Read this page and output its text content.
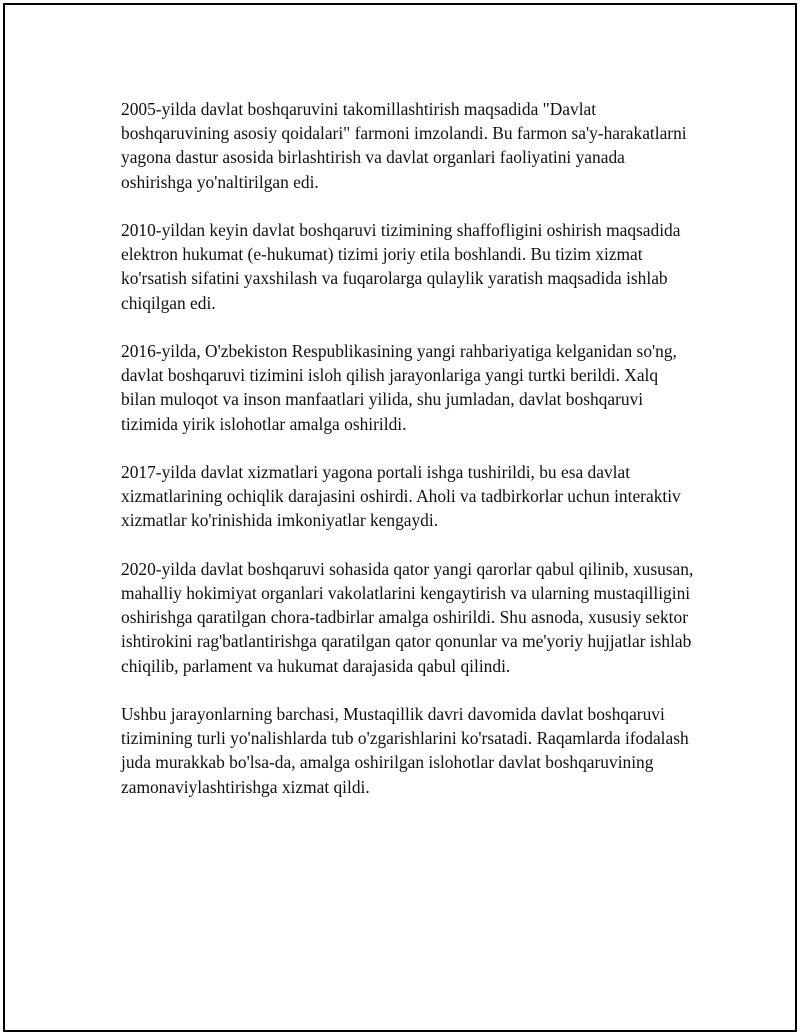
2005-yilda davlat boshqaruvini takomillashtirish maqsadida "Davlat boshqaruvining asosiy qoidalari" farmoni imzolandi. Bu farmon sa'y-harakatlarni yagona dastur asosida birlashtirish va davlat organlari faoliyatini yanada oshirishga yo'naltirilgan edi.

2010-yildan keyin davlat boshqaruvi tizimining shaffofligini oshirish maqsadida elektron hukumat (e-hukumat) tizimi joriy etila boshlandi. Bu tizim xizmat ko'rsatish sifatini yaxshilash va fuqarolarga qulaylik yaratish maqsadida ishlab chiqilgan edi.

2016-yilda, O'zbekiston Respublikasining yangi rahbariyatiga kelganidan so'ng, davlat boshqaruvi tizimini isloh qilish jarayonlariga yangi turtki berildi. Xalq bilan muloqot va inson manfaatlari yilida, shu jumladan, davlat boshqaruvi tizimida yirik islohotlar amalga oshirildi.

2017-yilda davlat xizmatlari yagona portali ishga tushirildi, bu esa davlat xizmatlarining ochiqlik darajasini oshirdi. Aholi va tadbirkorlar uchun interaktiv xizmatlar ko'rinishida imkoniyatlar kengaydi.

2020-yilda davlat boshqaruvi sohasida qator yangi qarorlar qabul qilinib, xususan, mahalliy hokimiyat organlari vakolatlarini kengaytirish va ularning mustaqilligini oshirishga qaratilgan chora-tadbirlar amalga oshirildi. Shu asnoda, xususiy sektor ishtirokini rag'batlantirishga qaratilgan qator qonunlar va me'yoriy hujjatlar ishlab chiqilib, parlament va hukumat darajasida qabul qilindi.

Ushbu jarayonlarning barchasi, Mustaqillik davri davomida davlat boshqaruvi tizimining turli yo'nalishlarda tub o'zgarishlarini ko'rsatadi. Raqamlarda ifodalash juda murakkab bo'lsa-da, amalga oshirilgan islohotlar davlat boshqaruvining zamonaviylashtirishga xizmat qildi.
